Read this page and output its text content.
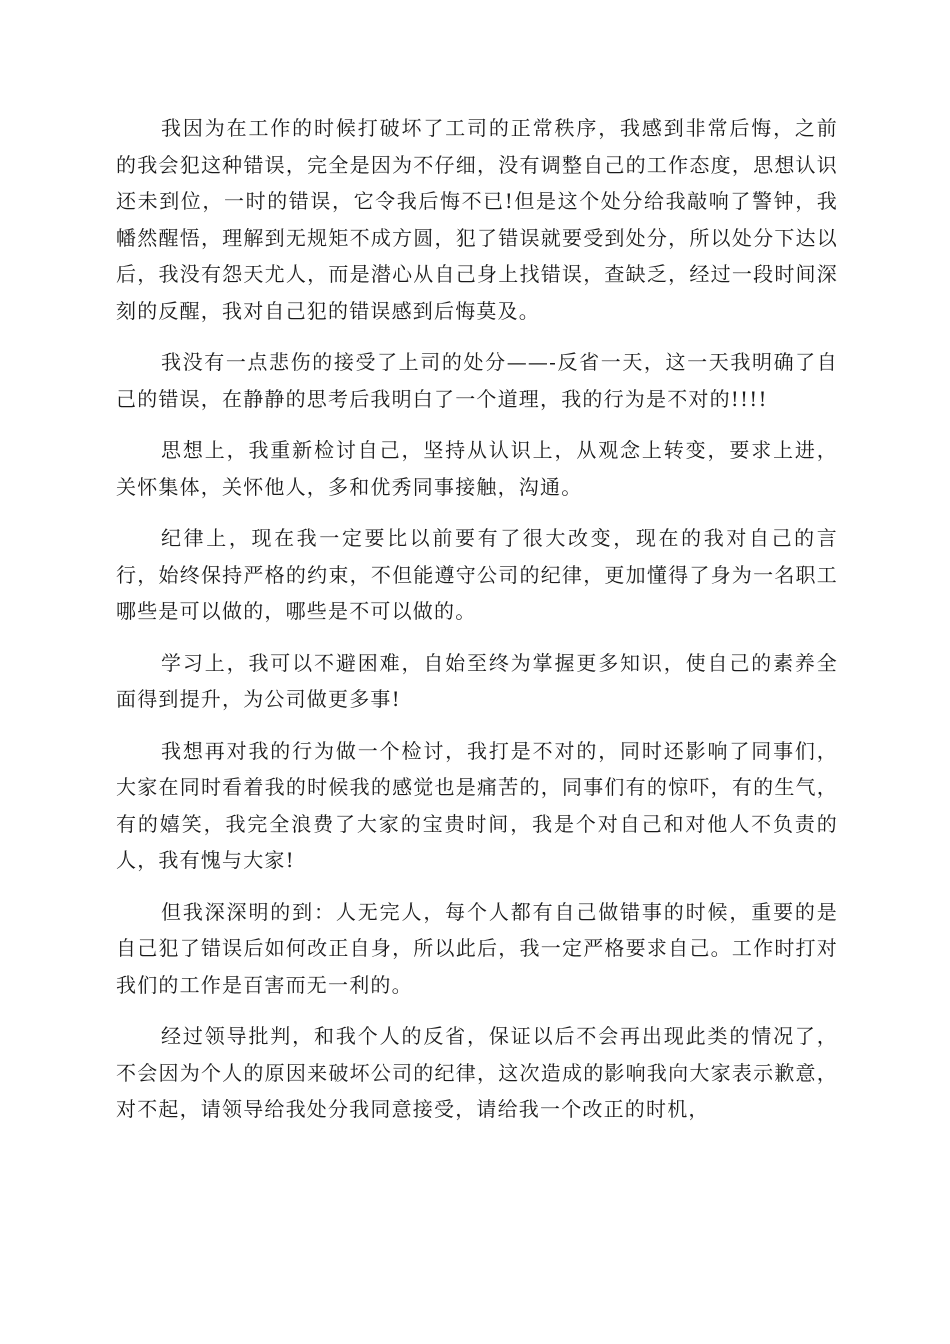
我因为在工作的时候打破坏了工司的正常秩序，我感到非常后悔，之前的我会犯这种错误，完全是因为不仔细，没有调整自己的工作态度，思想认识还未到位，一时的错误，它令我后悔不已!但是这个处分给我敲响了警钟，我幡然醒悟，理解到无规矩不成方圆，犯了错误就要受到处分，所以处分下达以后，我没有怨天尤人，而是潜心从自己身上找错误，查缺乏，经过一段时间深刻的反醒，我对自己犯的错误感到后悔莫及。

我没有一点悲伤的接受了上司的处分——-反省一天，这一天我明确了自己的错误，在静静的思考后我明白了一个道理，我的行为是不对的!!!!

思想上，我重新检讨自己，坚持从认识上，从观念上转变，要求上进，关怀集体，关怀他人，多和优秀同事接触，沟通。

纪律上，现在我一定要比以前要有了很大改变，现在的我对自己的言行，始终保持严格的约束，不但能遵守公司的纪律，更加懂得了身为一名职工哪些是可以做的，哪些是不可以做的。

学习上，我可以不避困难，自始至终为掌握更多知识，使自己的素养全面得到提升，为公司做更多事!

我想再对我的行为做一个检讨，我打是不对的，同时还影响了同事们，大家在同时看着我的时候我的感觉也是痛苦的，同事们有的惊吓，有的生气，有的嬉笑，我完全浪费了大家的宝贵时间，我是个对自己和对他人不负责的人，我有愧与大家!

但我深深明的到：人无完人，每个人都有自己做错事的时候，重要的是自己犯了错误后如何改正自身，所以此后，我一定严格要求自己。工作时打对我们的工作是百害而无一利的。

经过领导批判，和我个人的反省，保证以后不会再出现此类的情况了，不会因为个人的原因来破坏公司的纪律，这次造成的影响我向大家表示歉意，对不起，请领导给我处分我同意接受，请给我一个改正的时机，
